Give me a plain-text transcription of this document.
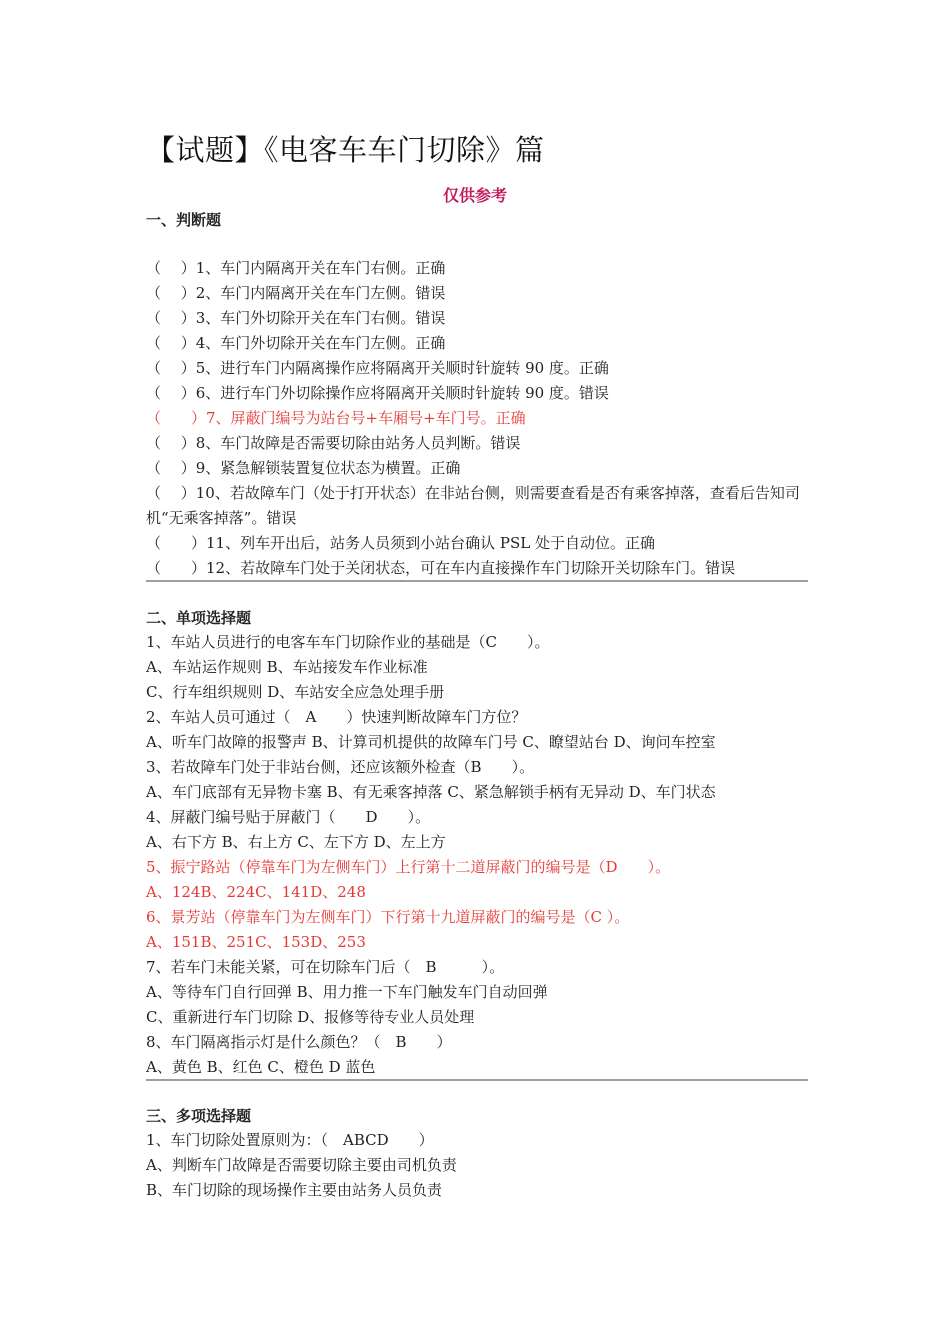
【试题】《电客车车门切除》篇
仅供参考
一、判断题
（　 ）1、车门内隔离开关在车门右侧。正确
（　 ）2、车门内隔离开关在车门左侧。错误
（　 ）3、车门外切除开关在车门右侧。错误
（　 ）4、车门外切除开关在车门左侧。正确
（　 ）5、进行车门内隔离操作应将隔离开关顺时针旋转 90 度。正确
（　 ）6、进行车门外切除操作应将隔离开关顺时针旋转 90 度。错误
（　　）7、屏蔽门编号为站台号+车厢号+车门号。正确
（　 ）8、车门故障是否需要切除由站务人员判断。错误
（　 ）9、紧急解锁装置复位状态为横置。正确
（　 ）10、若故障车门（处于打开状态）在非站台侧，则需要查看是否有乘客掉落，查看后告知司机“无乘客掉落”。错误
（　　）11、列车开出后，站务人员须到小站台确认 PSL 处于自动位。正确
（　　）12、若故障车门处于关闭状态，可在车内直接操作车门切除开关切除车门。错误
二、单项选择题
1、车站人员进行的电客车车门切除作业的基础是（C　　）。
A、车站运作规则 B、车站接发车作业标准
C、行车组织规则 D、车站安全应急处理手册
2、车站人员可通过（　A　　）快速判断故障车门方位？
A、听车门故障的报警声 B、计算司机提供的故障车门号 C、瞭望站台 D、询问车控室
3、若故障车门处于非站台侧，还应该额外检查（B　　）。
A、车门底部有无异物卡塞 B、有无乘客掉落 C、紧急解锁手柄有无异动 D、车门状态
4、屏蔽门编号贴于屏蔽门（　　D　　）。
A、右下方 B、右上方 C、左下方 D、左上方
5、振宁路站（停靠车门为左侧车门）上行第十二道屏蔽门的编号是（D　　）。
A、124B、224C、141D、248
6、景芳站（停靠车门为左侧车门）下行第十九道屏蔽门的编号是（C ）。
A、151B、251C、153D、253
7、若车门未能关紧，可在切除车门后（　B　　　）。
A、等待车门自行回弹 B、用力推一下车门触发车门自动回弹
C、重新进行车门切除 D、报修等待专业人员处理
8、车门隔离指示灯是什么颜色？（　B　　）
A、黄色 B、红色 C、橙色 D 蓝色
三、多项选择题
1、车门切除处置原则为：（　ABCD　　）
A、判断车门故障是否需要切除主要由司机负责
B、车门切除的现场操作主要由站务人员负责
